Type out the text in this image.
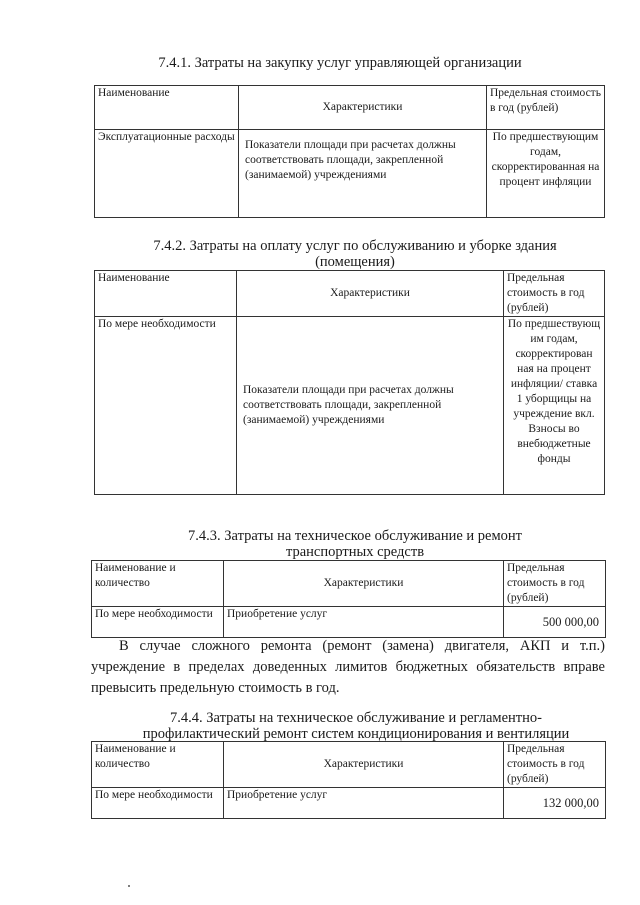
7.4.1. Затраты на закупку услуг управляющей организации
Наименование	Характеристики	Предельная стоимость в год (рублей)
Эксплуатационные расходы	Показатели площади при расчетах должны соответствовать площади, закрепленной (занимаемой) учреждениями	По предшествующим годам, скорректированная на процент инфляции
7.4.2. Затраты на оплату услуг по обслуживанию и уборке здания
(помещения)
Наименование	Характеристики	Предельная стоимость в год (рублей)
По мере необходимости	Показатели площади при расчетах должны соответствовать площади, закрепленной (занимаемой) учреждениями	По предшествующ им годам, скорректирован ная на процент инфляции/ ставка 1 уборщицы на учреждение вкл. Взносы во внебюджетные фонды
7.4.3. Затраты на техническое обслуживание и ремонт
транспортных средств
Наименование и количество	Характеристики	Предельная стоимость в год (рублей)
По мере необходимости	Приобретение услуг	500 000,00
В случае сложного ремонта (ремонт (замена) двигателя, АКП и т.п.) учреждение в пределах доведенных лимитов бюджетных обязательств вправе превысить предельную стоимость в год.
7.4.4. Затраты на техническое обслуживание и регламентно-
профилактический ремонт систем кондиционирования и вентиляции
Наименование и количество	Характеристики	Предельная стоимость в год (рублей)
По мере необходимости	Приобретение услуг	132 000,00
